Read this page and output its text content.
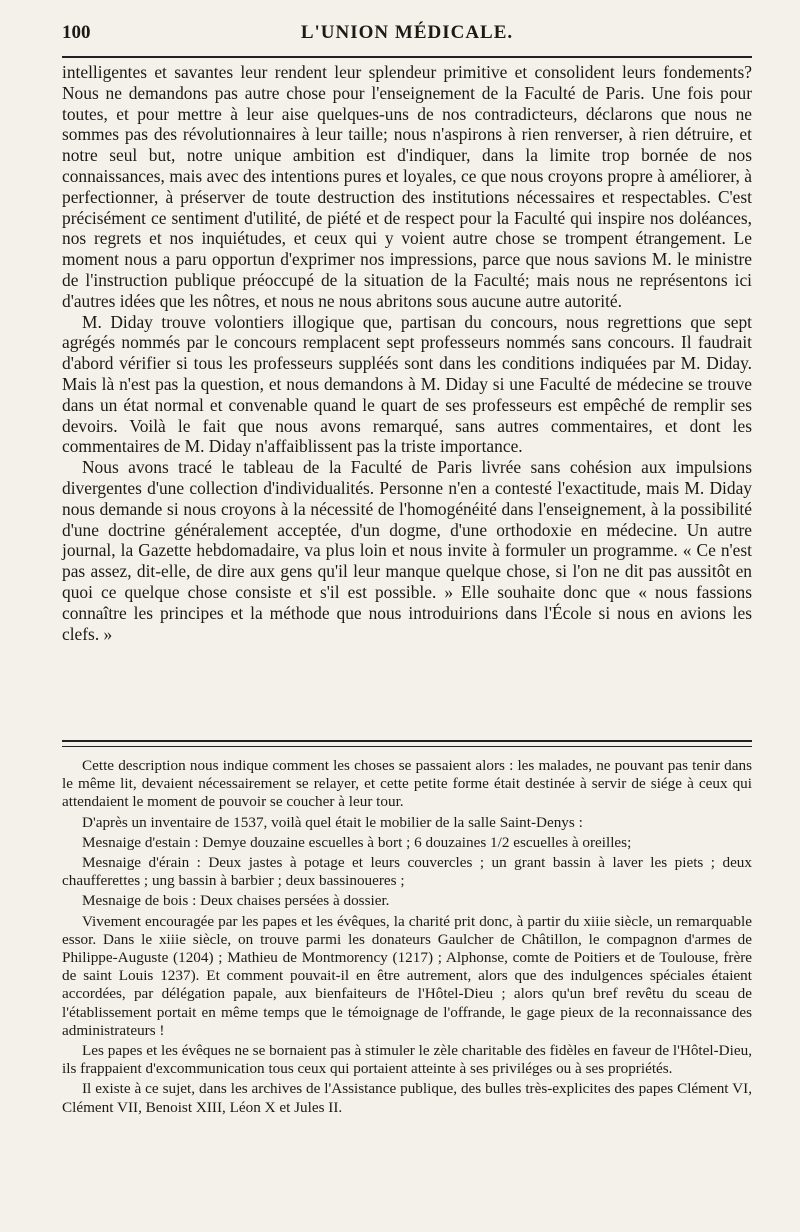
100	L'UNION MÉDICALE.

intelligentes et savantes leur rendent leur splendeur primitive et consolident leurs fondements? Nous ne demandons pas autre chose pour l'enseignement de la Faculté de Paris. Une fois pour toutes, et pour mettre à leur aise quelques-uns de nos contradicteurs, déclarons que nous ne sommes pas des révolutionnaires à leur taille; nous n'aspirons à rien renverser, à rien détruire, et notre seul but, notre unique ambition est d'indiquer, dans la limite trop bornée de nos connaissances, mais avec des intentions pures et loyales, ce que nous croyons propre à améliorer, à perfectionner, à préserver de toute destruction des institutions nécessaires et respectables. C'est précisément ce sentiment d'utilité, de piété et de respect pour la Faculté qui inspire nos doléances, nos regrets et nos inquiétudes, et ceux qui y voient autre chose se trompent étrangement. Le moment nous a paru opportun d'exprimer nos impressions, parce que nous savions M. le ministre de l'instruction publique préoccupé de la situation de la Faculté; mais nous ne représentons ici d'autres idées que les nôtres, et nous ne nous abritons sous aucune autre autorité.

M. Diday trouve volontiers illogique que, partisan du concours, nous regrettions que sept agrégés nommés par le concours remplacent sept professeurs nommés sans concours. Il faudrait d'abord vérifier si tous les professeurs suppléés sont dans les conditions indiquées par M. Diday. Mais là n'est pas la question, et nous demandons à M. Diday si une Faculté de médecine se trouve dans un état normal et convenable quand le quart de ses professeurs est empêché de remplir ses devoirs. Voilà le fait que nous avons remarqué, sans autres commentaires, et dont les commentaires de M. Diday n'affaiblissent pas la triste importance.

Nous avons tracé le tableau de la Faculté de Paris livrée sans cohésion aux impulsions divergentes d'une collection d'individualités. Personne n'en a contesté l'exactitude, mais M. Diday nous demande si nous croyons à la nécessité de l'homogénéité dans l'enseignement, à la possibilité d'une doctrine généralement acceptée, d'un dogme, d'une orthodoxie en médecine. Un autre journal, la Gazette hebdomadaire, va plus loin et nous invite à formuler un programme. « Ce n'est pas assez, dit-elle, de dire aux gens qu'il leur manque quelque chose, si l'on ne dit pas aussitôt en quoi ce quelque chose consiste et s'il est possible. » Elle souhaite donc que « nous fassions connaître les principes et la méthode que nous introduirions dans l'École si nous en avions les clefs. »

Cette description nous indique comment les choses se passaient alors : les malades, ne pouvant pas tenir dans le même lit, devaient nécessairement se relayer, et cette petite forme était destinée à servir de siége à ceux qui attendaient le moment de pouvoir se coucher à leur tour.

D'après un inventaire de 1537, voilà quel était le mobilier de la salle Saint-Denys :

Mesnaige d'estain : Demye douzaine escuelles à bort ; 6 douzaines 1/2 escuelles à oreilles;

Mesnaige d'érain : Deux jastes à potage et leurs couvercles ; un grant bassin à laver les piets ; deux chaufferettes ; ung bassin à barbier ; deux bassinoueres ;

Mesnaige de bois : Deux chaises persées à dossier.

Vivement encouragée par les papes et les évêques, la charité prit donc, à partir du xiiie siècle, un remarquable essor. Dans le xiiie siècle, on trouve parmi les donateurs Gaulcher de Châtillon, le compagnon d'armes de Philippe-Auguste (1204) ; Mathieu de Montmorency (1217) ; Alphonse, comte de Poitiers et de Toulouse, frère de saint Louis 1237). Et comment pouvait-il en être autrement, alors que des indulgences spéciales étaient accordées, par délégation papale, aux bienfaiteurs de l'Hôtel-Dieu ; alors qu'un bref revêtu du sceau de l'établissement portait en même temps que le témoignage de l'offrande, le gage pieux de la reconnaissance des administrateurs !

Les papes et les évêques ne se bornaient pas à stimuler le zèle charitable des fidèles en faveur de l'Hôtel-Dieu, ils frappaient d'excommunication tous ceux qui portaient atteinte à ses priviléges ou à ses propriétés.

Il existe à ce sujet, dans les archives de l'Assistance publique, des bulles très-explicites des papes Clément VI, Clément VII, Benoist XIII, Léon X et Jules II.
